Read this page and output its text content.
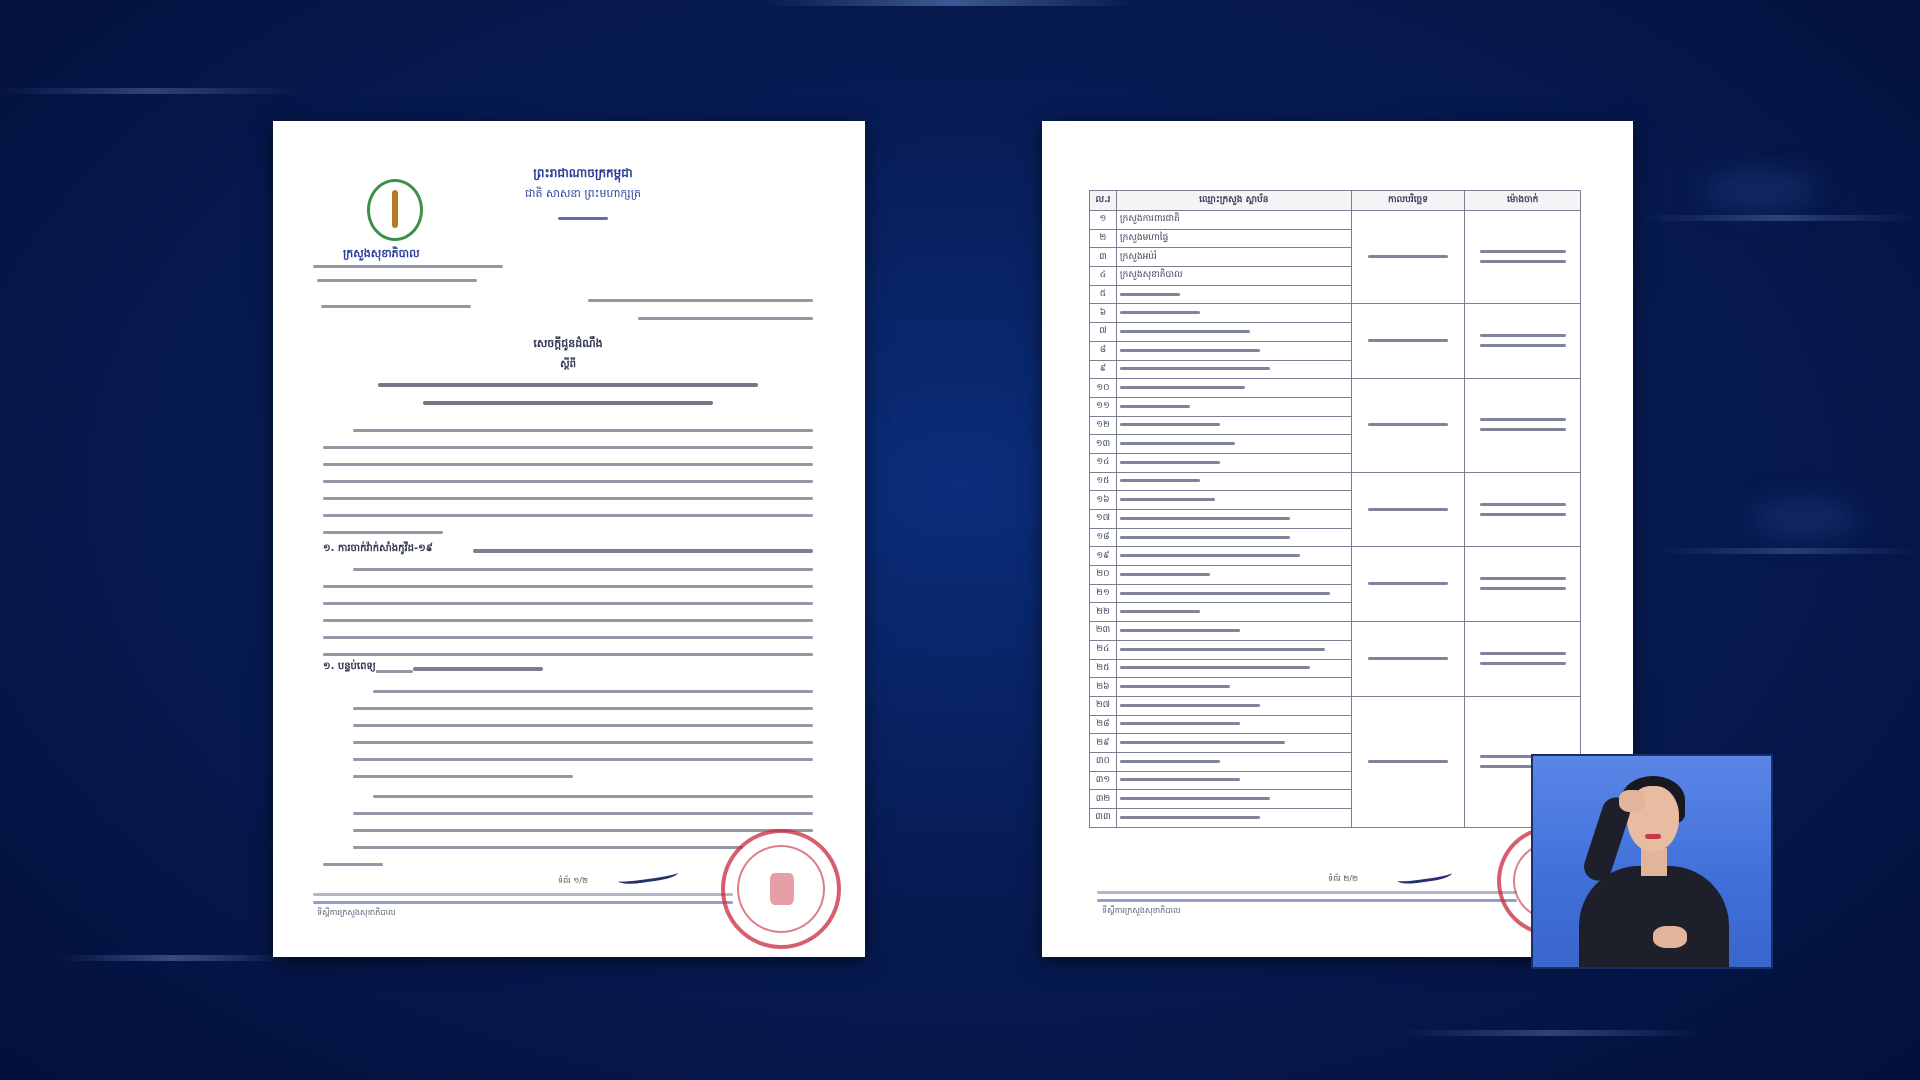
ក្រសួងសុខាភិបាល
ព្រះរាជាណាចក្រកម្ពុជា
ជាតិ សាសនា ព្រះមហាក្សត្រ
សេចក្តីជូនដំណឹង
ស្តីពី
១. ការចាក់វ៉ាក់សាំងកូវីដ-១៩
១. បន្ទប់ពេទ្យ
ទំព័រ ១/២
ទីស្តីការក្រសួងសុខាភិបាល
ល.រ	ឈ្មោះក្រសួង ស្ថាប័ន	កាលបរិច្ឆេទ	ម៉ោងចាក់
១	ក្រសួងការពារជាតិ		

២	ក្រសួងមហាផ្ទៃ		
៣	ក្រសួងអប់រំ		
៤	ក្រសួងសុខាភិបាល		
៥			
៦			

៧			
៨			
៩			
១០			

១១			
១២			
១៣			
១៤			
១៥			

១៦			
១៧			
១៨			
១៩			

២០			
២១			
២២			
២៣			

២៤			
២៥			
២៦			
២៧			

២៨			
២៩			
៣០			
៣១			
៣២			
៣៣			
ទំព័រ ២/២
ទីស្តីការក្រសួងសុខាភិបាល
